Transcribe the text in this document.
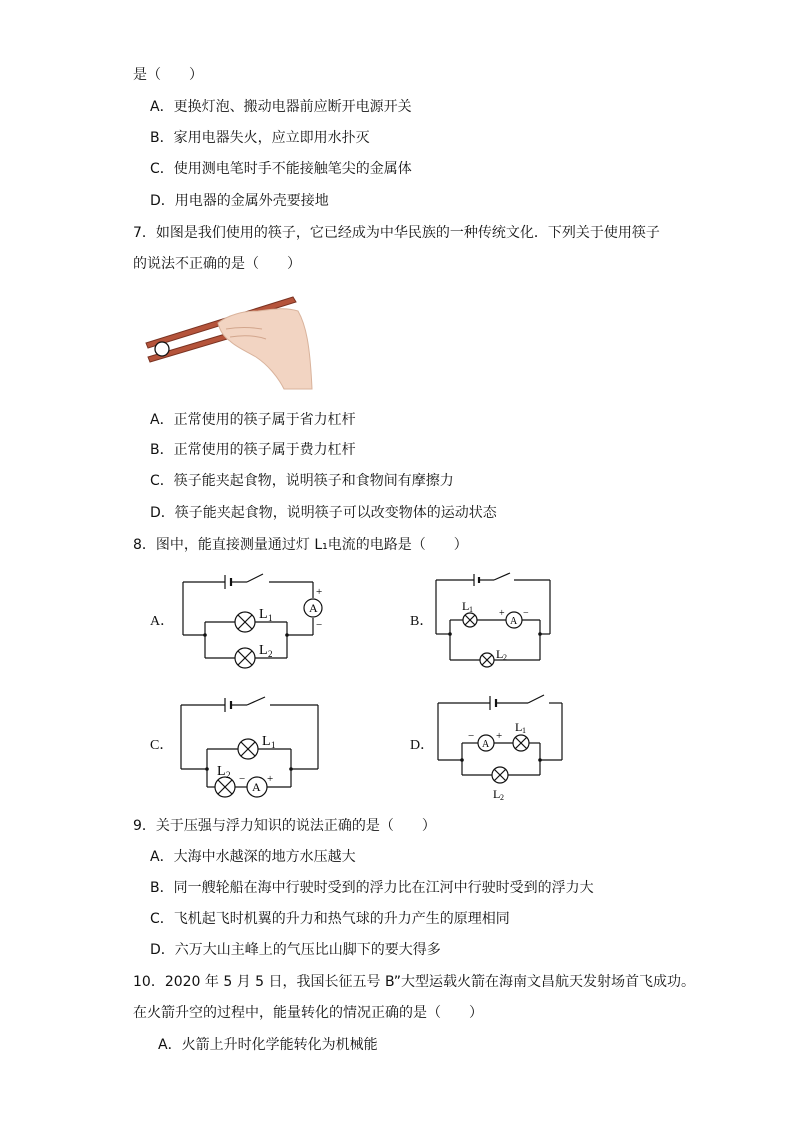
是（　　）
A．更换灯泡、搬动电器前应断开电源开关
B．家用电器失火，应立即用水扑灭
C．使用测电笔时手不能接触笔尖的金属体
D．用电器的金属外壳要接地
7．如图是我们使用的筷子，它已经成为中华民族的一种传统文化．下列关于使用筷子
的说法不正确的是（　　）
A．正常使用的筷子属于省力杠杆
B．正常使用的筷子属于费力杠杆
C．筷子能夹起食物，说明筷子和食物间有摩擦力
D．筷子能夹起食物，说明筷子可以改变物体的运动状态
8．图中，能直接测量通过灯 L₁电流的电路是（　　）
A．
A
+
−
L 1
L 2
B．	A
+ −
L 1
L 2
C．
A
− +
L 1
L 2
D．	A
− +
L 1
L 2
9．关于压强与浮力知识的说法正确的是（　　）
A．大海中水越深的地方水压越大
B．同一艘轮船在海中行驶时受到的浮力比在江河中行驶时受到的浮力大
C．飞机起飞时机翼的升力和热气球的升力产生的原理相同
D．六万大山主峰上的气压比山脚下的要大得多
10．2020 年 5 月 5 日，我国长征五号 B”大型运载火箭在海南文昌航天发射场首飞成功。
在火箭升空的过程中，能量转化的情况正确的是（　　）
A．火箭上升时化学能转化为机械能
